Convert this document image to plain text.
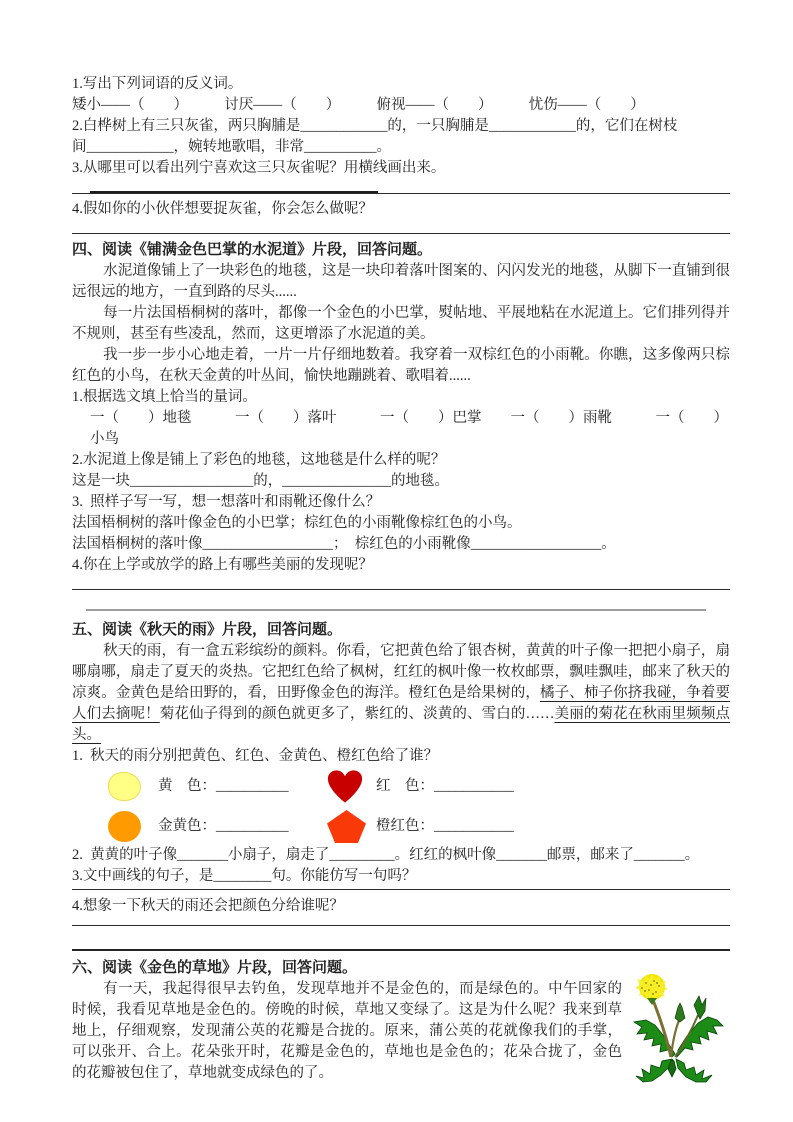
1.写出下列词语的反义词。
矮小——（　　）　　　讨厌——（　　）　　　俯视——（　　）　　　忧伤——（　　）
2.白桦树上有三只灰雀，两只胸脯是____________的，一只胸脯是____________的，它们在树枝
间____________，婉转地歌唱，非常__________。
3.从哪里可以看出列宁喜欢这三只灰雀呢？用横线画出来。
4.假如你的小伙伴想要捉灰雀，你会怎么做呢？
四、阅读《铺满金色巴掌的水泥道》片段，回答问题。
水泥道像铺上了一块彩色的地毯，这是一块印着落叶图案的、闪闪发光的地毯，从脚下一直铺到很远很远的地方，一直到路的尽头......
每一片法国梧桐树的落叶，都像一个金色的小巴掌，熨帖地、平展地粘在水泥道上。它们排列得并不规则，甚至有些凌乱，然而，这更增添了水泥道的美。
我一步一步小心地走着，一片一片仔细地数着。我穿着一双棕红色的小雨靴。你瞧，这多像两只棕红色的小鸟，在秋天金黄的叶丛间，愉快地蹦跳着、歌唱着......
1.根据选文填上恰当的量词。
一（　　）地毯　　　一（　　）落叶　　　一（　　）巴掌　　一（　　）雨靴　　　一（　　）小鸟
2.水泥道上像是铺上了彩色的地毯，这地毯是什么样的呢？
这是一块_________________的，_______________的地毯。
3.  照样子写一写，想一想落叶和雨靴还像什么？
法国梧桐树的落叶像金色的小巴掌；棕红色的小雨靴像棕红色的小鸟。
法国梧桐树的落叶像__________________；　棕红色的小雨靴像__________________。
4.你在上学或放学的路上有哪些美丽的发现呢？
五、阅读《秋天的雨》片段，回答问题。
秋天的雨，有一盒五彩缤纷的颜料。你看，它把黄色给了银杏树，黄黄的叶子像一把把小扇子，扇哪扇哪，扇走了夏天的炎热。它把红色给了枫树，红红的枫叶像一枚枚邮票，飘哇飘哇，邮来了秋天的凉爽。金黄色是给田野的，看，田野像金色的海洋。橙红色是给果树的，橘子、柿子你挤我碰，争着要人们去摘呢！菊花仙子得到的颜色就更多了，紫红的、淡黄的、雪白的……美丽的菊花在秋雨里频频点头。
1.  秋天的雨分别把黄色、红色、金黄色、橙红色给了谁？
黄　色：__________	红　色：___________
金黄色：__________	橙红色：___________
2.  黄黄的叶子像_______小扇子，扇走了_________。红红的枫叶像_______邮票，邮来了_______。
3.文中画线的句子，是________句。你能仿写一句吗？
4.想象一下秋天的雨还会把颜色分给谁呢？
六、阅读《金色的草地》片段，回答问题。
有一天，我起得很早去钓鱼，发现草地并不是金色的，而是绿色的。中午回家的时候，我看见草地是金色的。傍晚的时候，草地又变绿了。这是为什么呢？我来到草地上，仔细观察，发现蒲公英的花瓣是合拢的。原来，蒲公英的花就像我们的手掌，可以张开、合上。花朵张开时，花瓣是金色的，草地也是金色的；花朵合拢了，金色的花瓣被包住了，草地就变成绿色的了。
